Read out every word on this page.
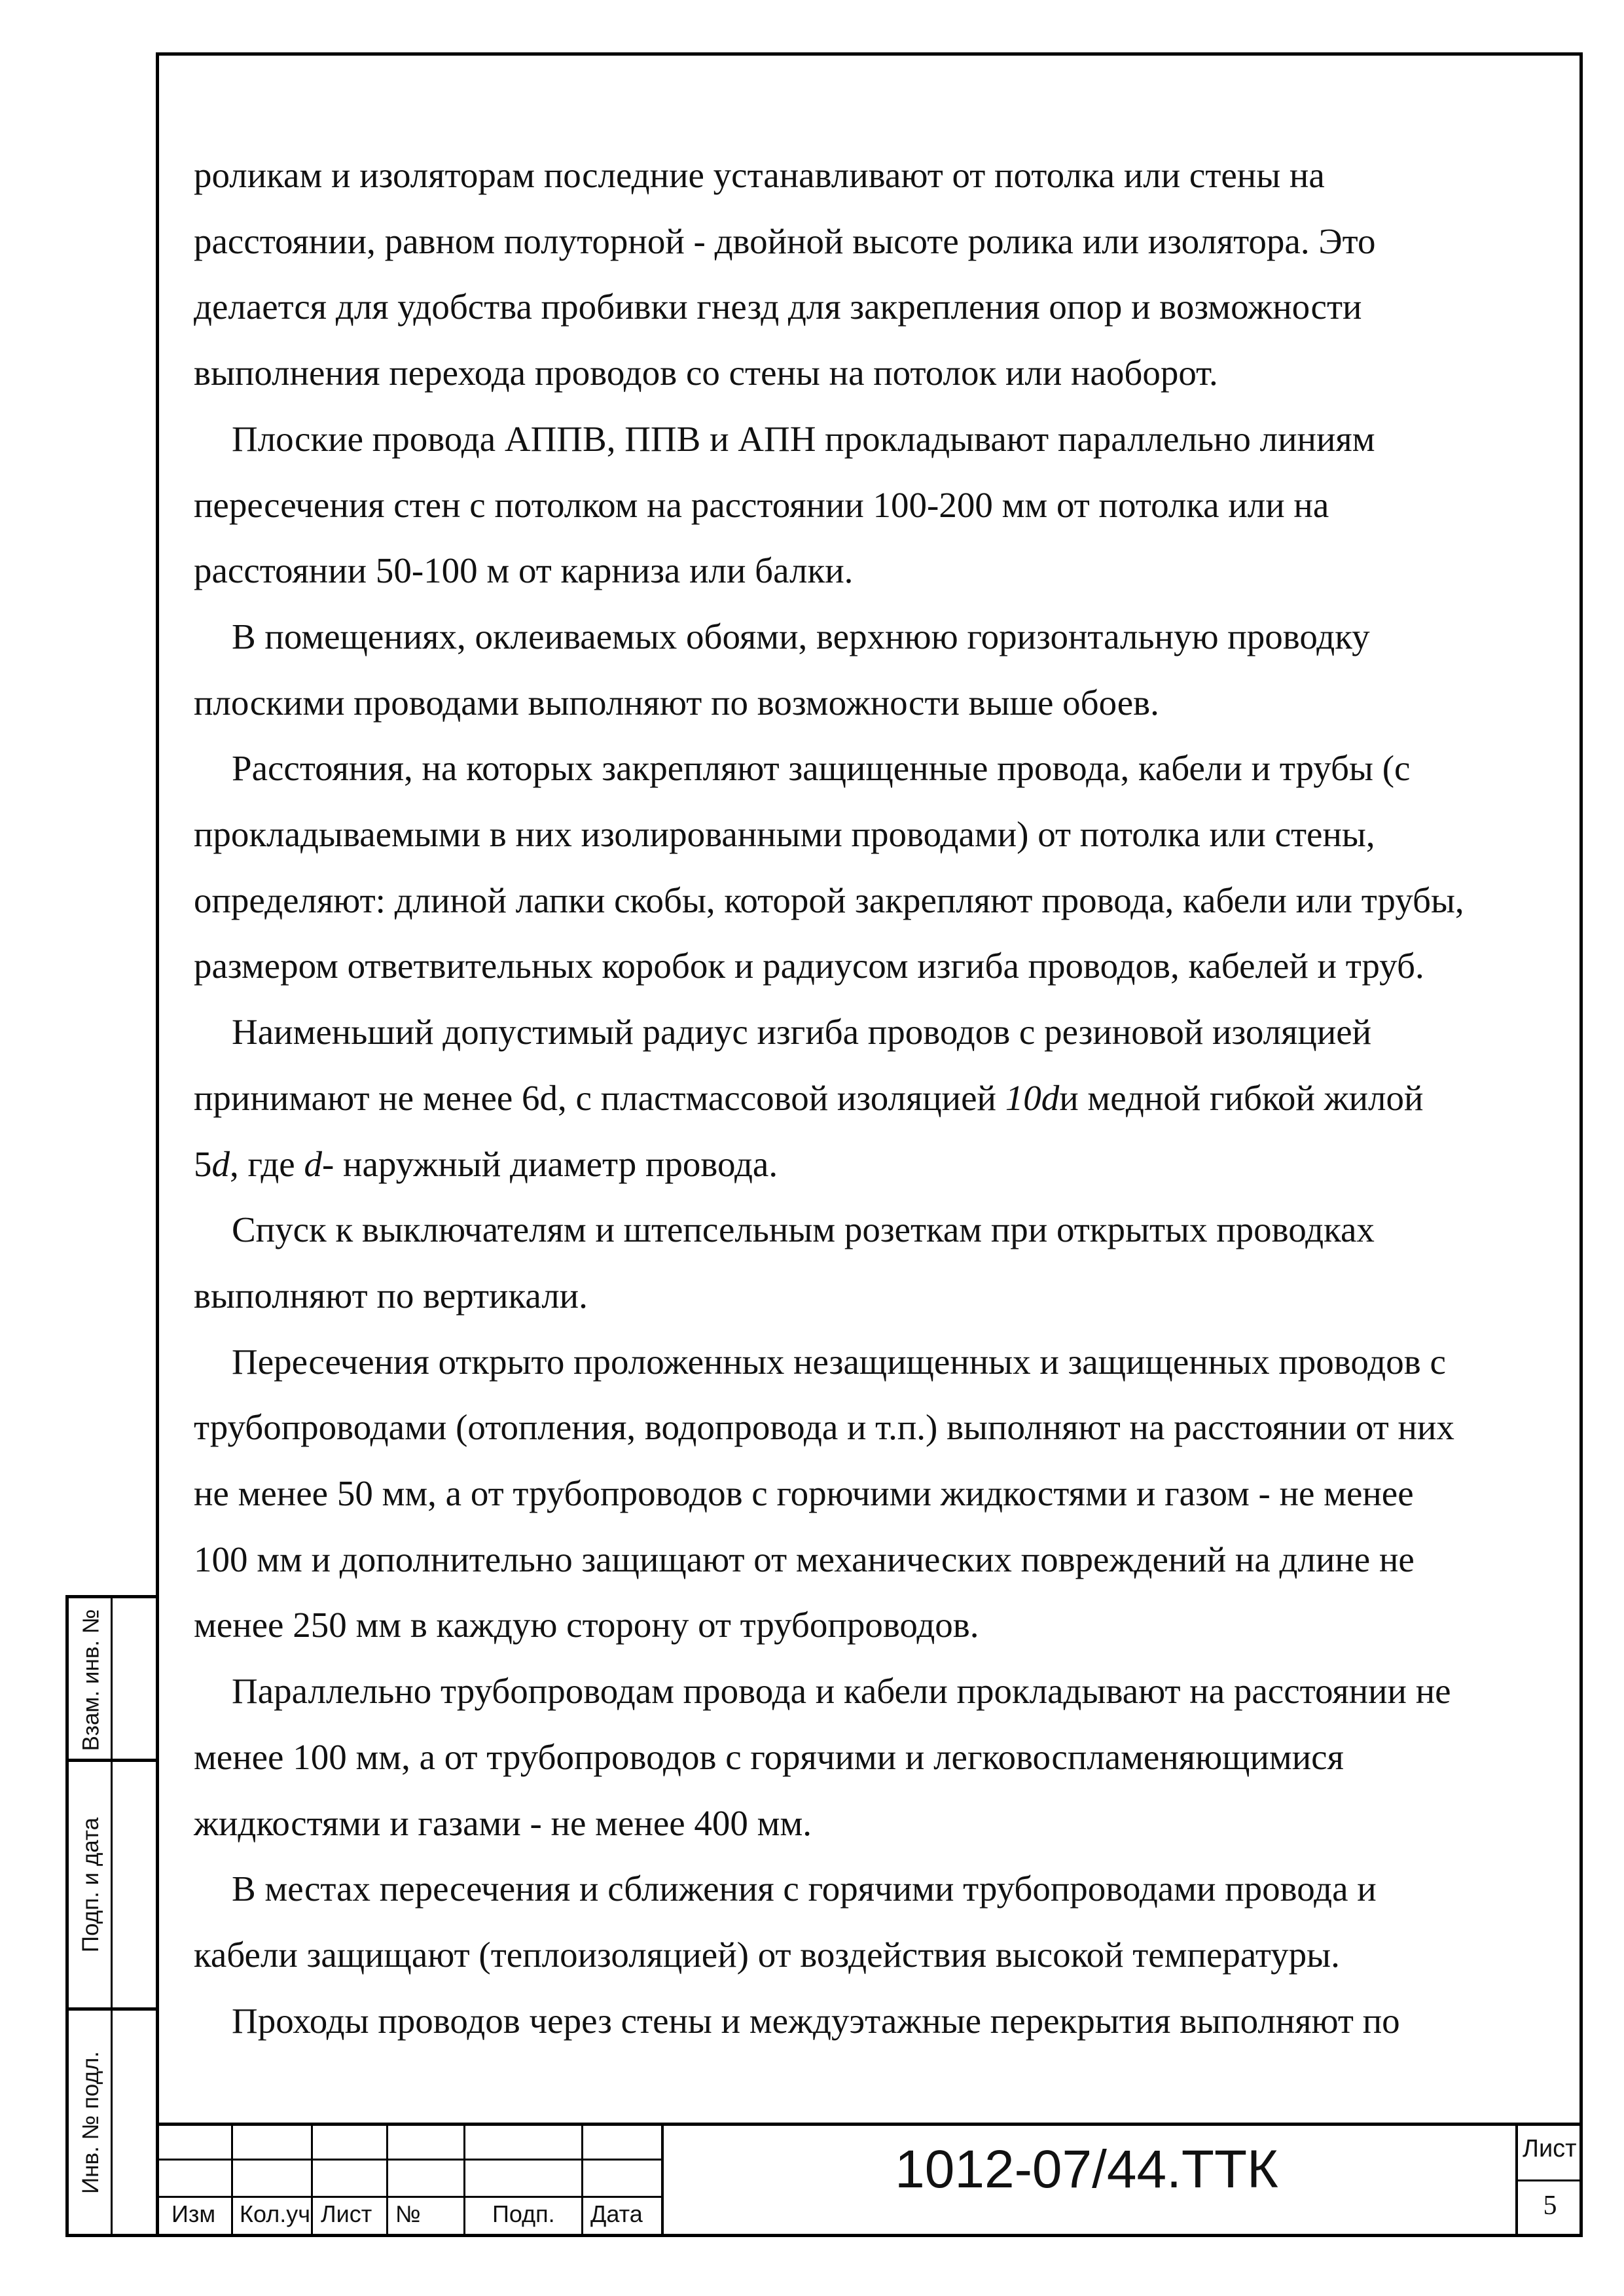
роликам и изоляторам последние устанавливают от потолка или стены на
расстоянии, равном полуторной - двойной высоте ролика или изолятора. Это
делается для удобства пробивки гнезд для закрепления опор и возможности
выполнения перехода проводов со стены на потолок или наоборот.

Плоские провода АППВ, ППВ и АПН прокладывают параллельно линиям
пересечения стен с потолком на расстоянии 100-200 мм от потолка или на
расстоянии 50-100 м от карниза или балки.

В помещениях, оклеиваемых обоями, верхнюю горизонтальную проводку
плоскими проводами выполняют по возможности выше обоев.

Расстояния, на которых закрепляют защищенные провода, кабели и трубы (с
прокладываемыми в них изолированными проводами) от потолка или стены,
определяют: длиной лапки скобы, которой закрепляют провода, кабели или трубы,
размером ответвительных коробок и радиусом изгиба проводов, кабелей и труб.

Наименьший допустимый радиус изгиба проводов с резиновой изоляцией
принимают не менее 6d, с пластмассовой изоляцией 10dи медной гибкой жилой
5d, где d- наружный диаметр провода.

Спуск к выключателям и штепсельным розеткам при открытых проводках
выполняют по вертикали.

Пересечения открыто проложенных незащищенных и защищенных проводов с
трубопроводами (отопления, водопровода и т.п.) выполняют на расстоянии от них
не менее 50 мм, а от трубопроводов с горючими жидкостями и газом - не менее
100 мм и дополнительно защищают от механических повреждений на длине не
менее 250 мм в каждую сторону от трубопроводов.

Параллельно трубопроводам провода и кабели прокладывают на расстоянии не
менее 100 мм, а от трубопроводов с горячими и легковоспламеняющимися
жидкостями и газами - не менее 400 мм.

В местах пересечения и сближения с горячими трубопроводами провода и
кабели защищают (теплоизоляцией) от воздействия высокой температуры.

Проходы проводов через стены и междуэтажные перекрытия выполняют по

Взам. инв. №
Подп. и дата
Инв. № подл.
Изм Кол.уч Лист №	Подп. Дата
1012-07/44.ТТК	Лист
5
